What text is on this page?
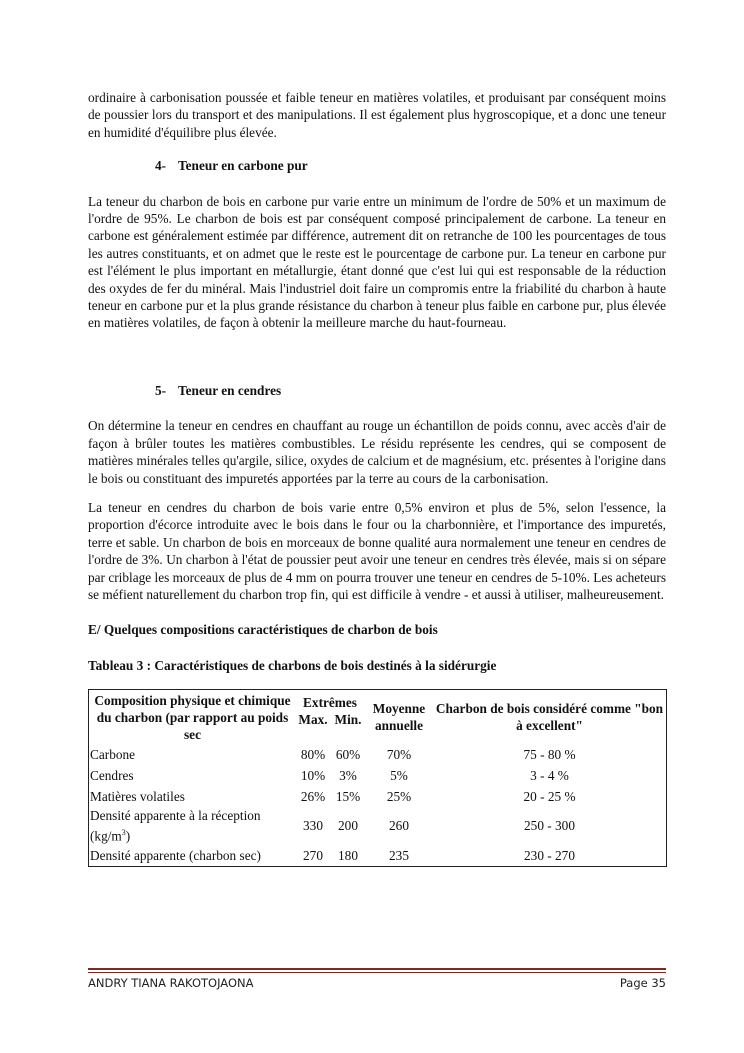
ordinaire à carbonisation poussée et faible teneur en matières volatiles, et produisant par conséquent moins de poussier lors du transport et des manipulations. Il est également plus hygroscopique, et a donc une teneur en humidité d'équilibre plus élevée.

4- Teneur en carbone pur

La teneur du charbon de bois en carbone pur varie entre un minimum de l'ordre de 50% et un maximum de l'ordre de 95%. Le charbon de bois est par conséquent composé principalement de carbone. La teneur en carbone est généralement estimée par différence, autrement dit on retranche de 100 les pourcentages de tous les autres constituants, et on admet que le reste est le pourcentage de carbone pur. La teneur en carbone pur est l'élément le plus important en métallurgie, étant donné que c'est lui qui est responsable de la réduction des oxydes de fer du minéral. Mais l'industriel doit faire un compromis entre la friabilité du charbon à haute teneur en carbone pur et la plus grande résistance du charbon à teneur plus faible en carbone pur, plus élevée en matières volatiles, de façon à obtenir la meilleure marche du haut-fourneau.

5- Teneur en cendres

On détermine la teneur en cendres en chauffant au rouge un échantillon de poids connu, avec accès d'air de façon à brûler toutes les matières combustibles. Le résidu représente les cendres, qui se composent de matières minérales telles qu'argile, silice, oxydes de calcium et de magnésium, etc. présentes à l'origine dans le bois ou constituant des impuretés apportées par la terre au cours de la carbonisation.

La teneur en cendres du charbon de bois varie entre 0,5% environ et plus de 5%, selon l'essence, la proportion d'écorce introduite avec le bois dans le four ou la charbonnière, et l'importance des impuretés, terre et sable. Un charbon de bois en morceaux de bonne qualité aura normalement une teneur en cendres de l'ordre de 3%. Un charbon à l'état de poussier peut avoir une teneur en cendres très élevée, mais si on sépare par criblage les morceaux de plus de 4 mm on pourra trouver une teneur en cendres de 5-10%. Les acheteurs se méfient naturellement du charbon trop fin, qui est difficile à vendre - et aussi à utiliser, malheureusement.

E/ Quelques compositions caractéristiques de charbon de bois

Tableau 3 : Caractéristiques de charbons de bois destinés à la sidérurgie

Composition physique et chimique du charbon (par rapport au poids sec	Extrêmes		Moyenne annuelle	Charbon de bois considéré comme "bon à excellent"
	Max.	Min.		
Carbone	80%	60%	70%	75 - 80 %
Cendres	10%	3%	5%	3 - 4 %
Matières volatiles	26%	15%	25%	20 - 25 %
Densité apparente à la réception $(kg/m^3)$	330	200	260	250 - 300
Densité apparente (charbon sec)	270	180	235	230 - 270
ANDRY TIANA RAKOTOJAONA	Page 35
